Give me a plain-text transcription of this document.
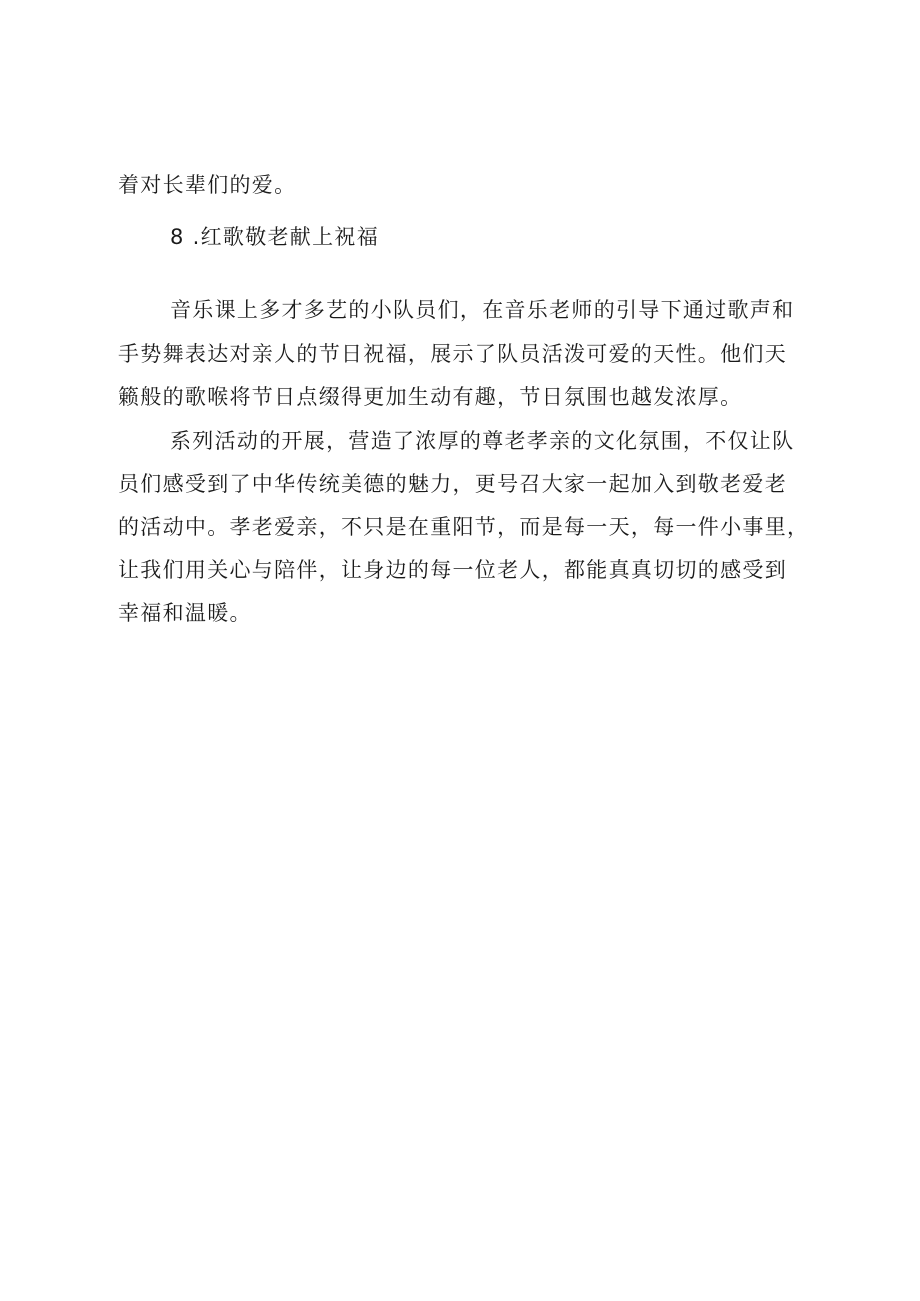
着对长辈们的爱。
8 .红歌敬老献上祝福
音乐课上多才多艺的小队员们，在音乐老师的引导下通过歌声和
手势舞表达对亲人的节日祝福，展示了队员活泼可爱的天性。他们天
籁般的歌喉将节日点缀得更加生动有趣，节日氛围也越发浓厚。
系列活动的开展，营造了浓厚的尊老孝亲的文化氛围，不仅让队
员们感受到了中华传统美德的魅力，更号召大家一起加入到敬老爱老
的活动中。孝老爱亲，不只是在重阳节，而是每一天，每一件小事里，
让我们用关心与陪伴，让身边的每一位老人，都能真真切切的感受到
幸福和温暖。
